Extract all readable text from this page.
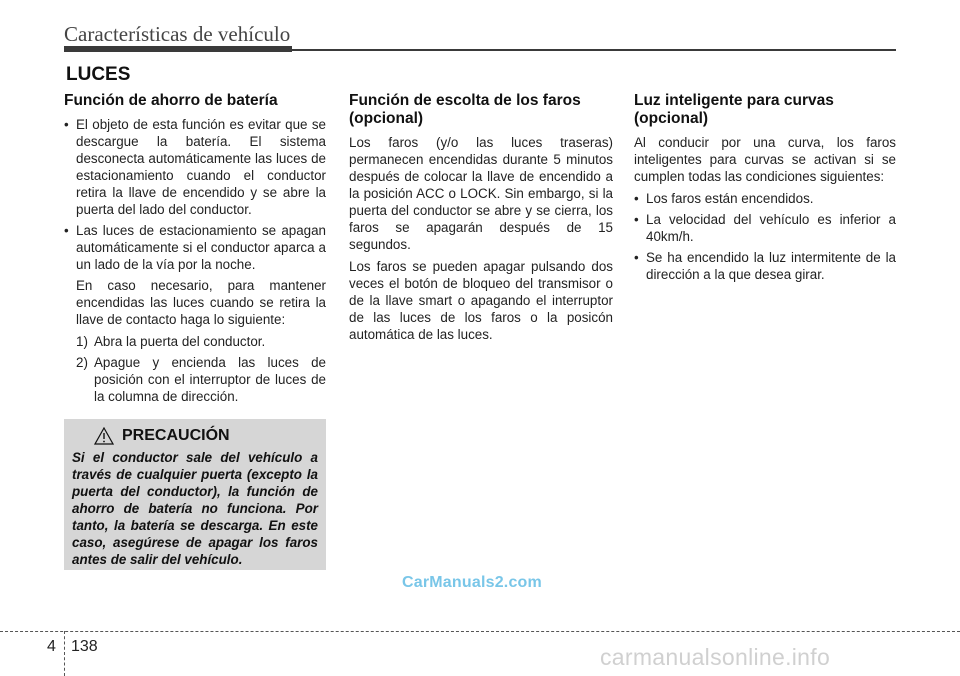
Características de vehículo
LUCES
Función de ahorro de batería
• El objeto de esta función es evitar que se descargue la batería. El sistema desconecta automáticamente las luces de estacionamiento cuando el conductor retira la llave de encendido y se abre la puerta del lado del conductor.
• Las luces de estacionamiento se apagan automáticamente si el conductor aparca a un lado de la vía por la noche.

En caso necesario, para mantener encendidas las luces cuando se retira la llave de contacto haga lo siguiente:

1) Abra la puerta del conductor.
2) Apague y encienda las luces de posición con el interruptor de luces de la columna de dirección.
PRECAUCIÓN
Si el conductor sale del vehículo a través de cualquier puerta (excepto la puerta del conductor), la función de ahorro de batería no funciona. Por tanto, la batería se descarga. En este caso, asegúrese de apagar los faros antes de salir del vehículo.
Función de escolta de los faros (opcional)

Los faros (y/o las luces traseras) permanecen encendidas durante 5 minutos después de colocar la llave de encendido a la posición ACC o LOCK. Sin embargo, si la puerta del conductor se abre y se cierra, los faros se apagarán después de 15 segundos.

Los faros se pueden apagar pulsando dos veces el botón de bloqueo del transmisor o de la llave smart o apagando el interruptor de las luces de los faros o la posicón automática de las luces.

Luz inteligente para curvas (opcional)

Al conducir por una curva, los faros inteligentes para curvas se activan si se cumplen todas las condiciones siguientes:

• Los faros están encendidos.
• La velocidad del vehículo es inferior a 40km/h.
• Se ha encendido la luz intermitente de la dirección a la que desea girar.
CarManuals2.com
4 138	carmanualsonline.info
